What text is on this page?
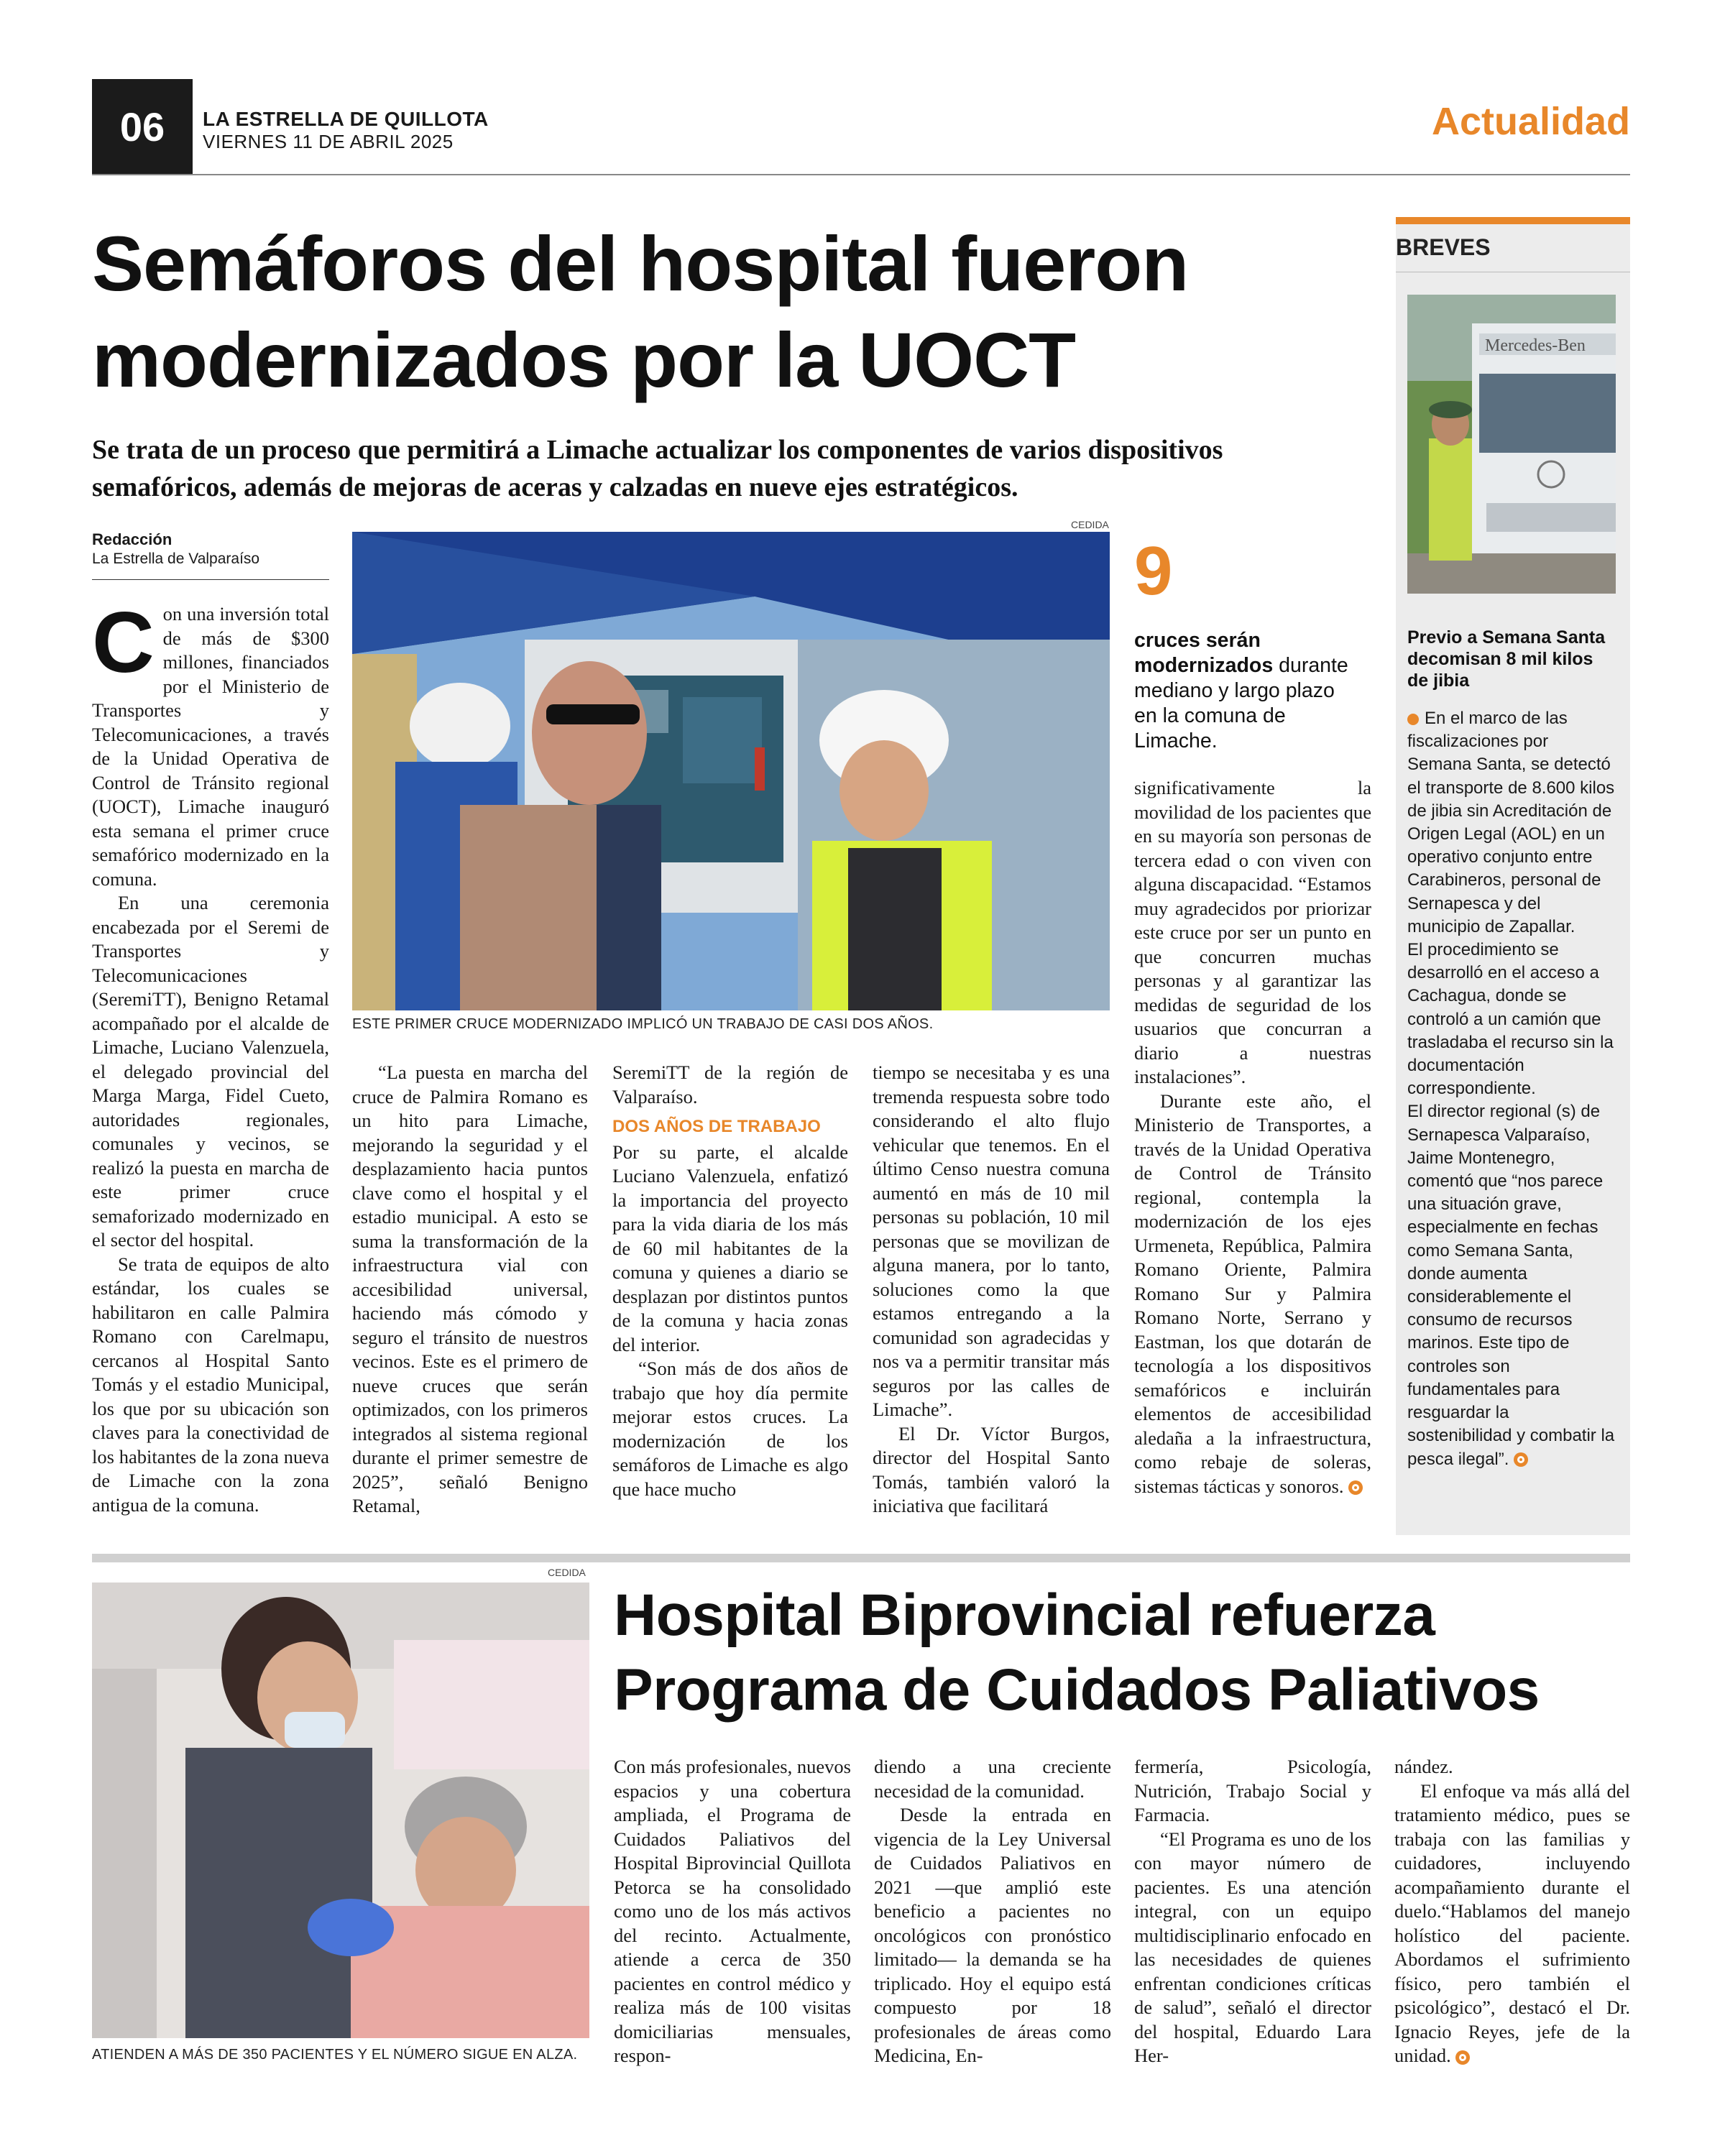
06	LA ESTRELLA DE QUILLOTA
VIERNES 11 DE ABRIL 2025	Actualidad
Semáforos del hospital fueron modernizados por la UOCT
Se trata de un proceso que permitirá a Limache actualizar los componentes de varios dispositivos semafóricos, además de mejoras de aceras y calzadas en nueve ejes estratégicos.
Redacción
La Estrella de Valparaíso

Con una inversión total de más de $300 millones, financiados por el Ministerio de Transportes y Telecomunicaciones, a través de la Unidad Operativa de Control de Tránsito regional (UOCT), Limache inauguró esta semana el primer cruce semafórico modernizado en la comuna.

En una ceremonia encabezada por el Seremi de Transportes y Telecomunicaciones (SeremiTT), Benigno Retamal acompañado por el alcalde de Limache, Luciano Valenzuela, el delegado provincial del Marga Marga, Fidel Cueto, autoridades regionales, comunales y vecinos, se realizó la puesta en marcha de este primer cruce semaforizado modernizado en el sector del hospital.

Se trata de equipos de alto estándar, los cuales se habilitaron en calle Palmira Romano con Carelmapu, cercanos al Hospital Santo Tomás y el estadio Municipal, los que por su ubicación son claves para la conectividad de los habitantes de la zona nueva de Limache con la zona antigua de la comuna.

CEDIDA
ESTE PRIMER CRUCE MODERNIZADO IMPLICÓ UN TRABAJO DE CASI DOS AÑOS.
9
cruces serán modernizados durante mediano y largo plazo en la comuna de Limache.

“La puesta en marcha del cruce de Palmira Romano es un hito para Limache, mejorando la seguridad y el desplazamiento hacia puntos clave como el hospital y el estadio municipal. A esto se suma la transformación de la infraestructura vial con accesibilidad universal, haciendo más cómodo y seguro el tránsito de nuestros vecinos. Este es el primero de nueve cruces que serán optimizados, con los primeros integrados al sistema regional durante el primer semestre de 2025”, señaló Benigno Retamal,

SeremiTT de la región de Valparaíso.

DOS AÑOS DE TRABAJO

Por su parte, el alcalde Luciano Valenzuela, enfatizó la importancia del proyecto para la vida diaria de los más de 60 mil habitantes de la comuna y quienes a diario se desplazan por distintos puntos de la comuna y hacia zonas del interior.

“Son más de dos años de trabajo que hoy día permite mejorar estos cruces. La modernización de los semáforos de Limache es algo que hace mucho

tiempo se necesitaba y es una tremenda respuesta sobre todo considerando el alto flujo vehicular que tenemos. En el último Censo nuestra comuna aumentó en más de 10 mil personas su población, 10 mil personas que se movilizan de alguna manera, por lo tanto, soluciones como la que estamos entregando a la comunidad son agradecidas y nos va a permitir transitar más seguros por las calles de Limache”.

El Dr. Víctor Burgos, director del Hospital Santo Tomás, también valoró la iniciativa que facilitará

significativamente la movilidad de los pacientes que en su mayoría son personas de tercera edad o con viven con alguna discapacidad. “Estamos muy agradecidos por priorizar este cruce por ser un punto en que concurren muchas personas y al garantizar las medidas de seguridad de los usuarios que concurran a diario a nuestras instalaciones”.

Durante este año, el Ministerio de Transportes, a través de la Unidad Operativa de Control de Tránsito regional, contempla la modernización de los ejes Urmeneta, República, Palmira Romano Oriente, Palmira Romano Sur y Palmira Romano Norte, Serrano y Eastman, los que dotarán de tecnología a los dispositivos semafóricos e incluirán elementos de accesibilidad aledaña a la infraestructura, como rebaje de soleras, sistemas tácticas y sonoros.

BREVES
Mercedes-Ben
Previo a Semana Santa decomisan 8 mil kilos de jibia
En el marco de las fiscalizaciones por Semana Santa, se detectó el transporte de 8.600 kilos de jibia sin Acreditación de Origen Legal (AOL) en un operativo conjunto entre Carabineros, personal de Sernapesca y del municipio de Zapallar.
El procedimiento se desarrolló en el acceso a Cachagua, donde se controló a un camión que trasladaba el recurso sin la documentación correspondiente.
El director regional (s) de Sernapesca Valparaíso, Jaime Montenegro, comentó que “nos parece una situación grave, especialmente en fechas como Semana Santa, donde aumenta considerablemente el consumo de recursos marinos. Este tipo de controles son fundamentales para resguardar la sostenibilidad y combatir la pesca ilegal”.
CEDIDA
ATIENDEN A MÁS DE 350 PACIENTES Y EL NÚMERO SIGUE EN ALZA.
Hospital Biprovincial refuerza Programa de Cuidados Paliativos

Con más profesionales, nuevos espacios y una cobertura ampliada, el Programa de Cuidados Paliativos del Hospital Biprovincial Quillota Petorca se ha consolidado como uno de los más activos del recinto. Actualmente, atiende a cerca de 350 pacientes en control médico y realiza más de 100 visitas domiciliarias mensuales, respon-

diendo a una creciente necesidad de la comunidad.

Desde la entrada en vigencia de la Ley Universal de Cuidados Paliativos en 2021 —que amplió este beneficio a pacientes no oncológicos con pronóstico limitado— la demanda se ha triplicado. Hoy el equipo está compuesto por 18 profesionales de áreas como Medicina, En-

fermería, Psicología, Nutrición, Trabajo Social y Farmacia.

“El Programa es uno de los con mayor número de pacientes. Es una atención integral, con un equipo multidisciplinario enfocado en las necesidades de quienes enfrentan condiciones críticas de salud”, señaló el director del hospital, Eduardo Lara Her-

nández.

El enfoque va más allá del tratamiento médico, pues se trabaja con las familias y cuidadores, incluyendo acompañamiento durante el duelo.“Hablamos del manejo holístico del paciente. Abordamos el sufrimiento físico, pero también el psicológico”, destacó el Dr. Ignacio Reyes, jefe de la unidad.
